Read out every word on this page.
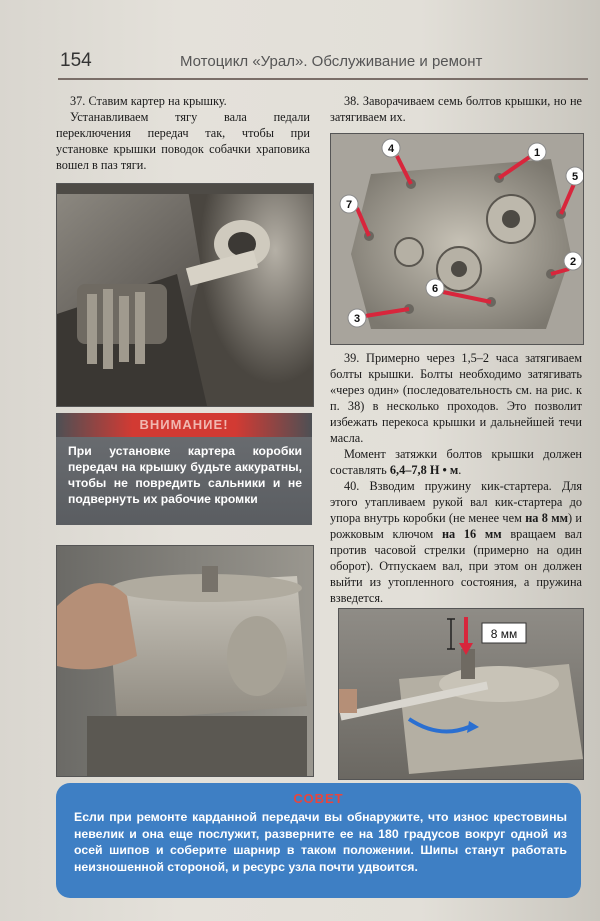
154	Мотоцикл «Урал». Обслуживание и ремонт
37. Ставим картер на крышку.
Устанавливаем тягу вала педали переключения передач так, чтобы при установке крышки поводок собачки храповика вошел в паз тяги.
ВНИМАНИЕ!
При установке картера коробки передач на крышку будьте аккуратны, чтобы не повредить сальники и не подвернуть их рабочие кромки
38. Заворачиваем семь болтов крышки, но не затягиваем их.
1
2
3
4
5
6
7
39. Примерно через 1,5–2 часа затягиваем болты крышки. Болты необходимо затягивать «через один» (последовательность см. на рис. к п. 38) в несколько проходов. Это позволит избежать перекоса крышки и дальнейшей течи масла.
Момент затяжки болтов крышки должен составлять 6,4–7,8 Н • м.
40. Взводим пружину кик-стартера. Для этого утапливаем рукой вал кик-стартера до упора внутрь коробки (не менее чем на 8 мм) и рожковым ключом на 16 мм вращаем вал против часовой стрелки (примерно на один оборот). Отпускаем вал, при этом он должен выйти из утопленного состояния, а пружина взведется.
8 мм
СОВЕТ
Если при ремонте карданной передачи вы обнаружите, что износ крестовины невелик и она еще послужит, разверните ее на 180 градусов вокруг одной из осей шипов и соберите шарнир в таком положении. Шипы станут работать неизношенной стороной, и ресурс узла почти удвоится.
